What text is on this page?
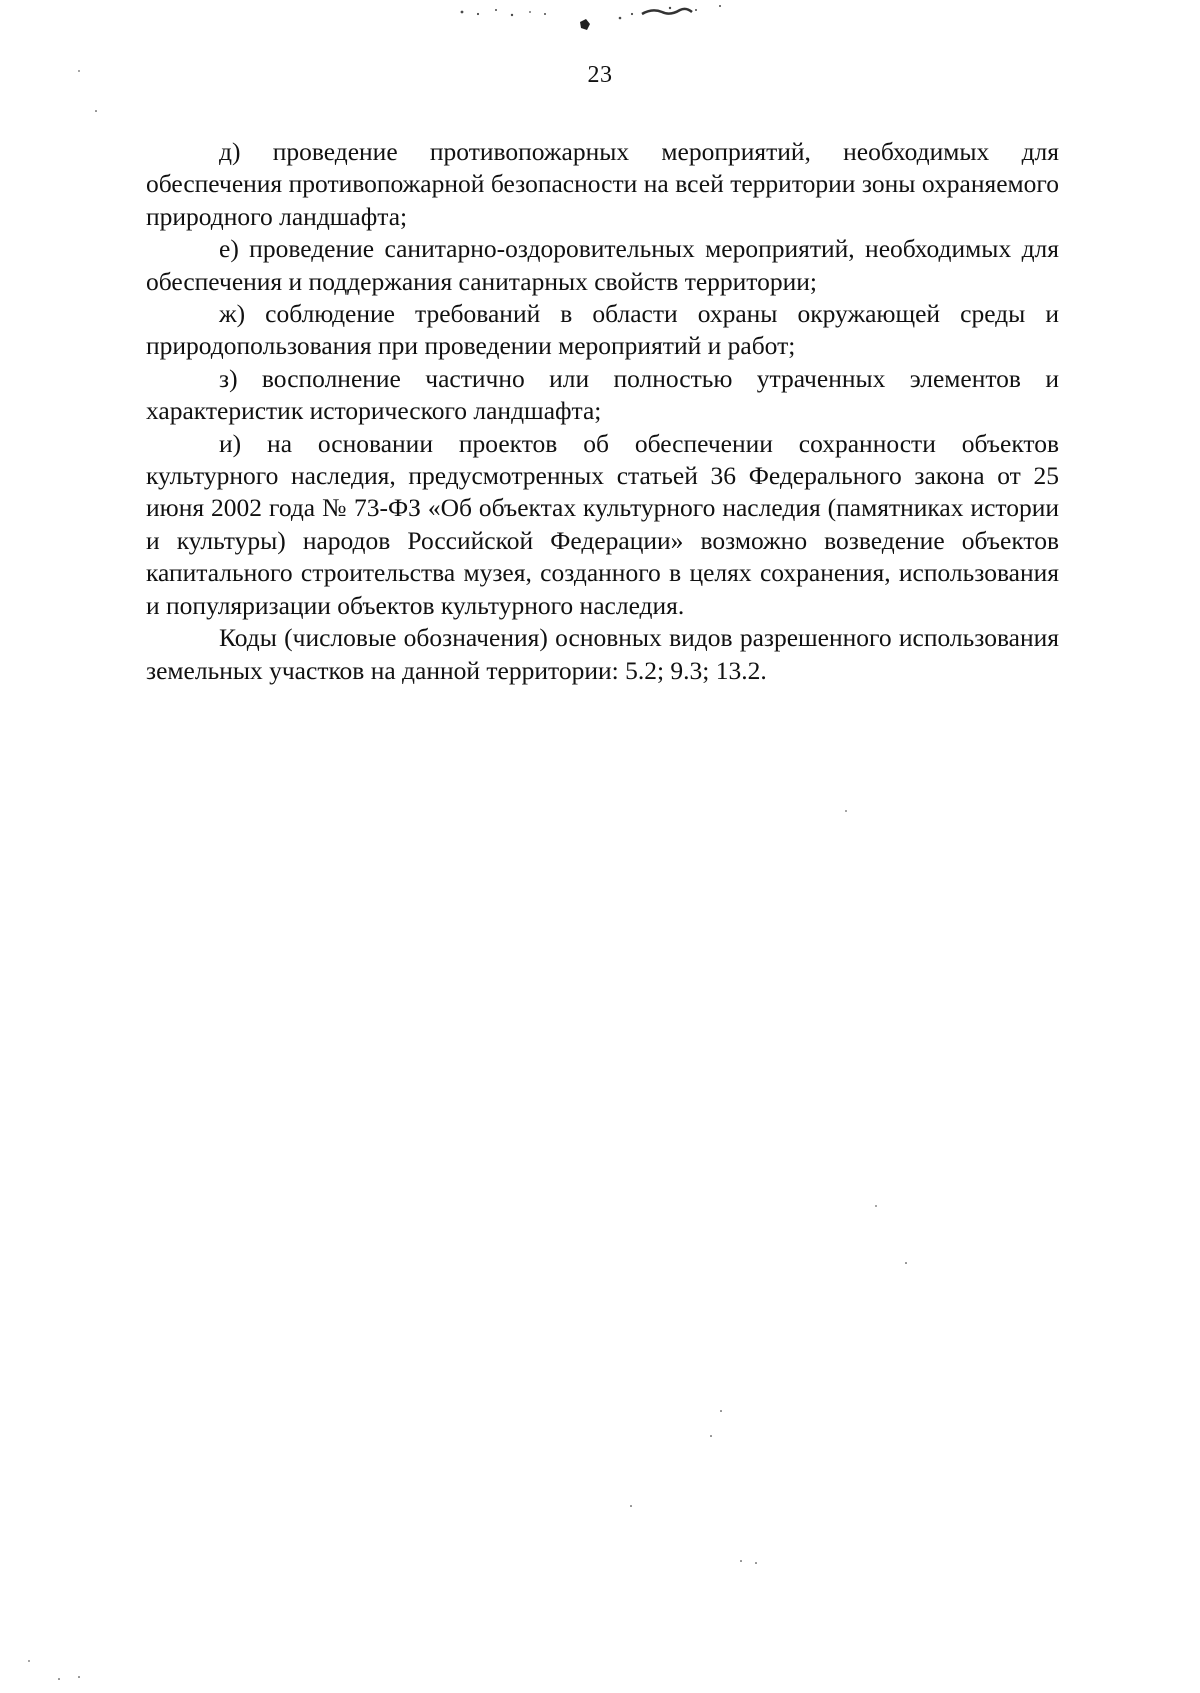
23

д) проведение противопожарных мероприятий, необходимых для обеспечения противопожарной безопасности на всей территории зоны охраняемого природного ландшафта;

е) проведение санитарно-оздоровительных мероприятий, необходимых для обеспечения и поддержания санитарных свойств территории;

ж) соблюдение требований в области охраны окружающей среды и природопользования при проведении мероприятий и работ;

з) восполнение частично или полностью утраченных элементов и характеристик исторического ландшафта;

и) на основании проектов об обеспечении сохранности объектов культурного наследия, предусмотренных статьей 36 Федерального закона от 25 июня 2002 года № 73-ФЗ «Об объектах культурного наследия (памятниках истории и культуры) народов Российской Федерации» возможно возведение объектов капитального строительства музея, созданного в целях сохранения, использования и популяризации объектов культурного наследия.

Коды (числовые обозначения) основных видов разрешенного использования земельных участков на данной территории: 5.2; 9.3; 13.2.
